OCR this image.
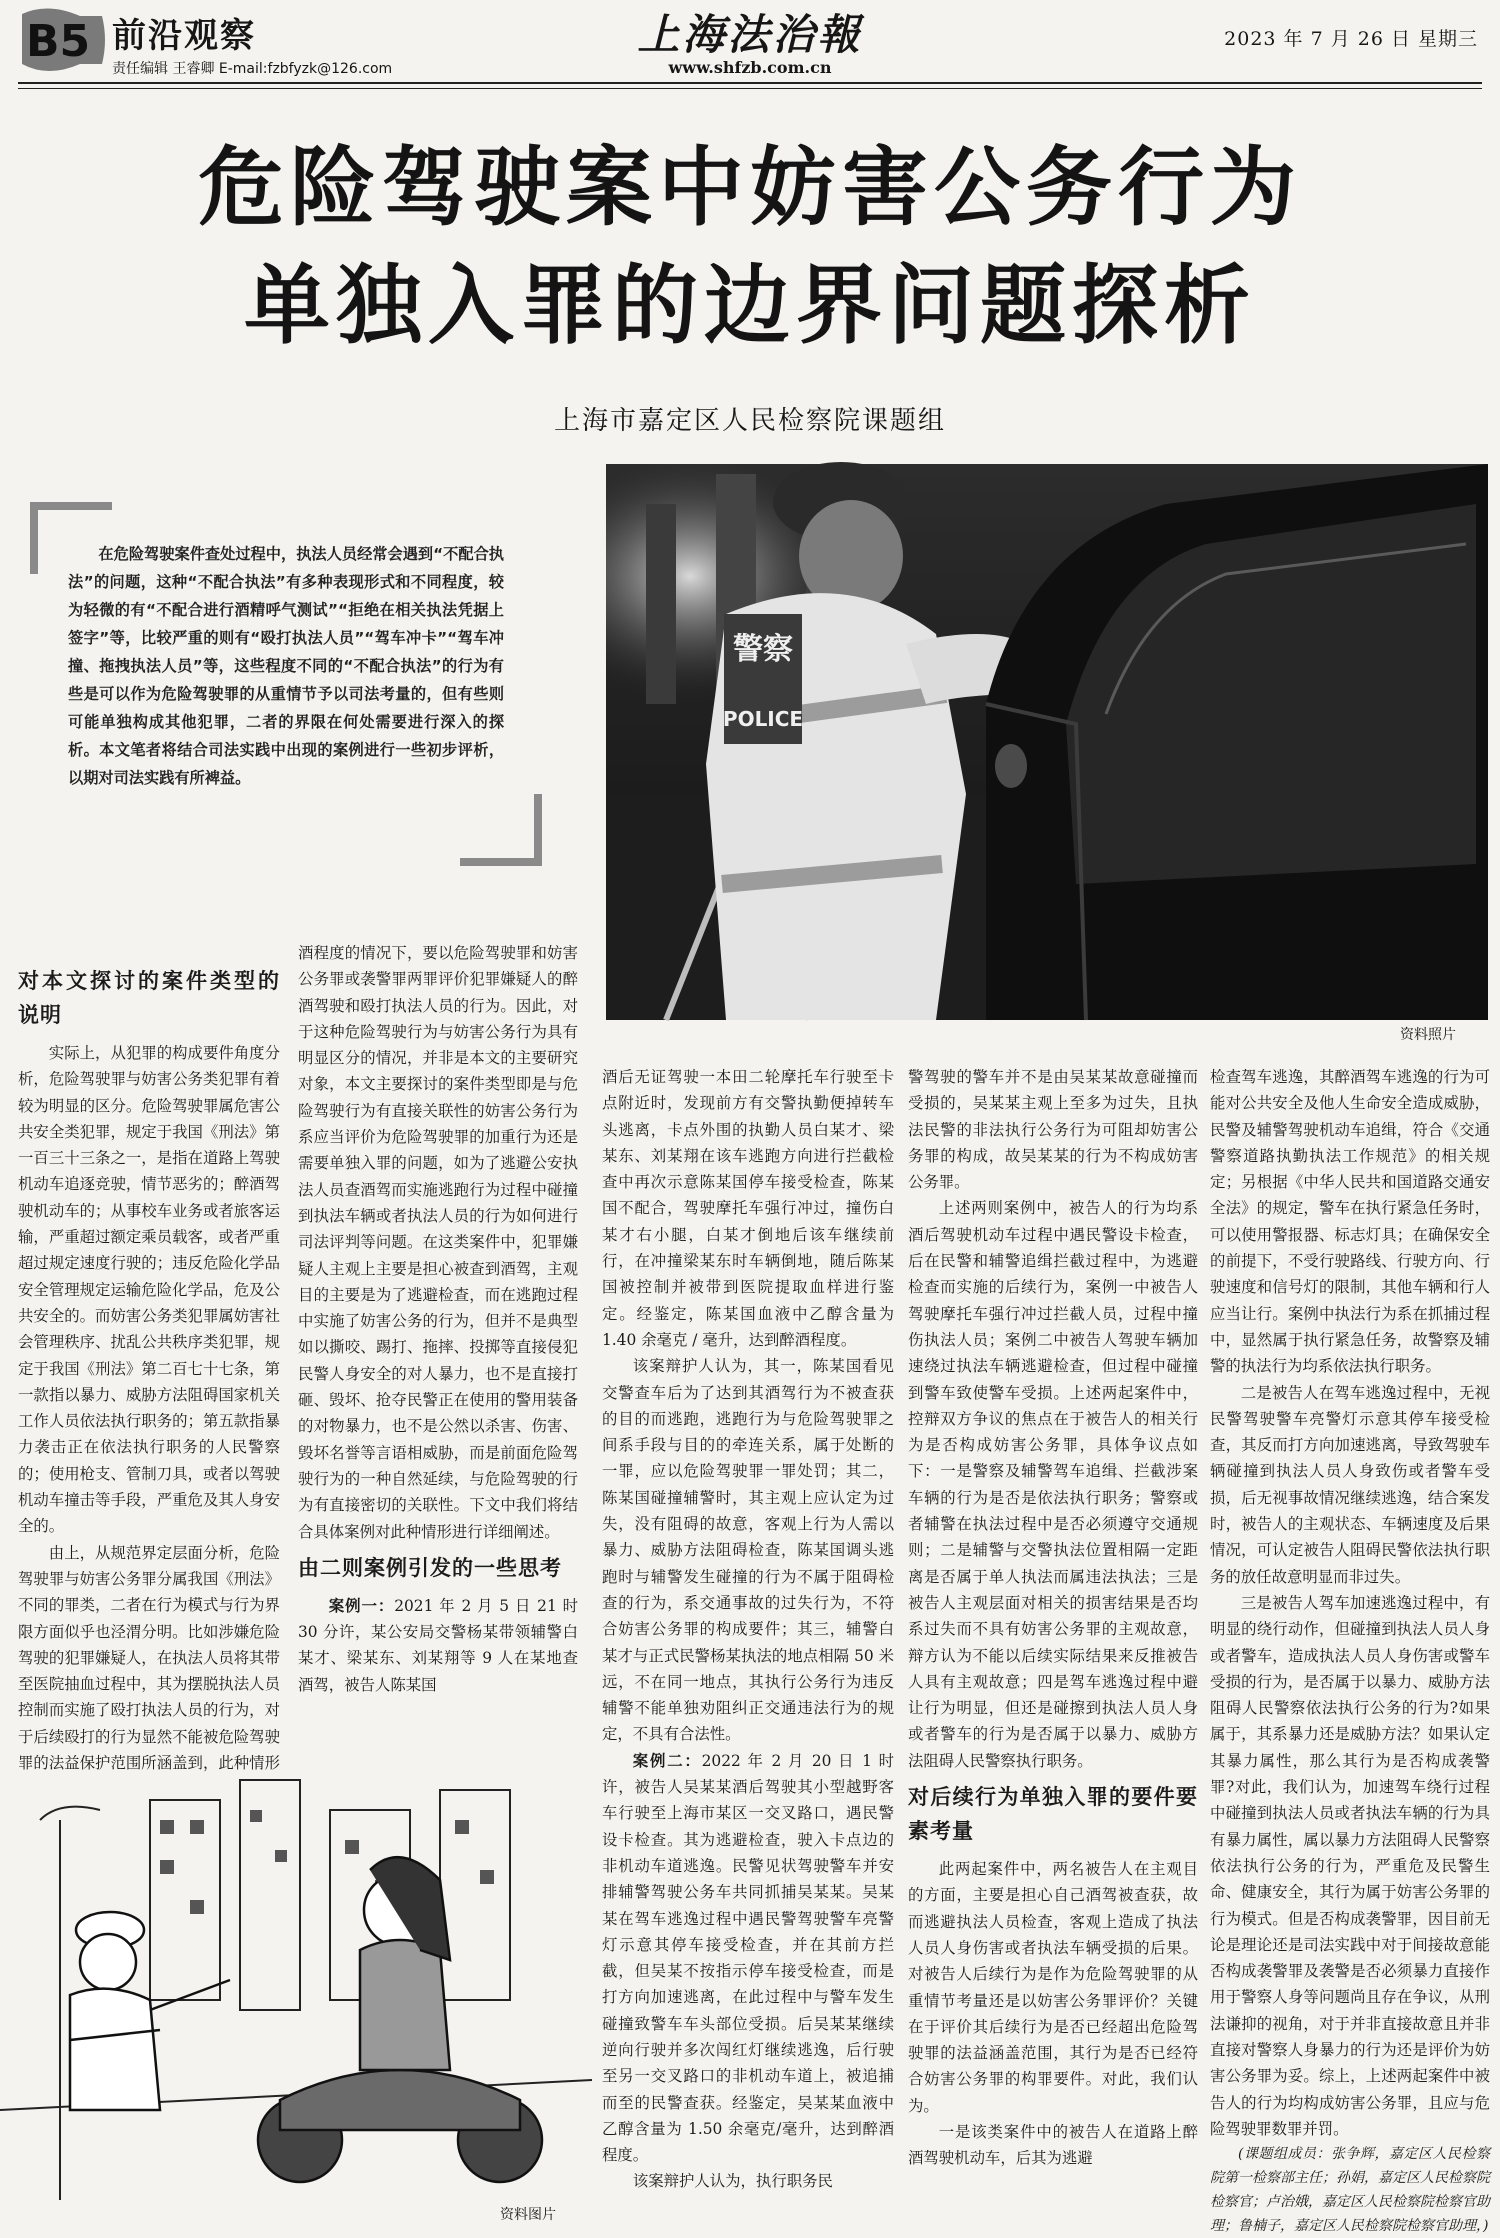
B5 前沿观察
责任编辑 王睿卿 E-mail:fzbfyzk@126.com
上海法治報
www.shfzb.com.cn
2023 年 7 月 26 日 星期三
危险驾驶案中妨害公务行为
单独入罪的边界问题探析
上海市嘉定区人民检察院课题组
在危险驾驶案件查处过程中，执法人员经常会遇到“不配合执法”的问题，这种“不配合执法”有多种表现形式和不同程度，较为轻微的有“不配合进行酒精呼气测试”“拒绝在相关执法凭据上签字”等，比较严重的则有“殴打执法人员”“驾车冲卡”“驾车冲撞、拖拽执法人员”等，这些程度不同的“不配合执法”的行为有些是可以作为危险驾驶罪的从重情节予以司法考量的，但有些则可能单独构成其他犯罪，二者的界限在何处需要进行深入的探析。本文笔者将结合司法实践中出现的案例进行一些初步评析，以期对司法实践有所裨益。
警察
POLICE
资料照片
对本文探讨的案件类型的说明

实际上，从犯罪的构成要件角度分析，危险驾驶罪与妨害公务类犯罪有着较为明显的区分。危险驾驶罪属危害公共安全类犯罪，规定于我国《刑法》第一百三十三条之一，是指在道路上驾驶机动车追逐竞驶，情节恶劣的；醉酒驾驶机动车的；从事校车业务或者旅客运输，严重超过额定乘员载客，或者严重超过规定速度行驶的；违反危险化学品安全管理规定运输危险化学品，危及公共安全的。而妨害公务类犯罪属妨害社会管理秩序、扰乱公共秩序类犯罪，规定于我国《刑法》第二百七十七条，第一款指以暴力、威胁方法阻碍国家机关工作人员依法执行职务的；第五款指暴力袭击正在依法执行职务的人民警察的；使用枪支、管制刀具，或者以驾驶机动车撞击等手段，严重危及其人身安全的。

由上，从规范界定层面分析，危险驾驶罪与妨害公务罪分属我国《刑法》不同的罪类，二者在行为模式与行为界限方面似乎也泾渭分明。比如涉嫌危险驾驶的犯罪嫌疑人，在执法人员将其带至医院抽血过程中，其为摆脱执法人员控制而实施了殴打执法人员的行为，对于后续殴打的行为显然不能被危险驾驶罪的法益保护范围所涵盖到，此种情形

酒程度的情况下，要以危险驾驶罪和妨害公务罪或袭警罪两罪评价犯罪嫌疑人的醉酒驾驶和殴打执法人员的行为。因此，对于这种危险驾驶行为与妨害公务行为具有明显区分的情况，并非是本文的主要研究对象，本文主要探讨的案件类型即是与危险驾驶行为有直接关联性的妨害公务行为系应当评价为危险驾驶罪的加重行为还是需要单独入罪的问题，如为了逃避公安执法人员查酒驾而实施逃跑行为过程中碰撞到执法车辆或者执法人员的行为如何进行司法评判等问题。在这类案件中，犯罪嫌疑人主观上主要是担心被查到酒驾，主观目的主要是为了逃避检查，而在逃跑过程中实施了妨害公务的行为，但并不是典型如以撕咬、踢打、拖摔、投掷等直接侵犯民警人身安全的对人暴力，也不是直接打砸、毁坏、抢夺民警正在使用的警用装备的对物暴力，也不是公然以杀害、伤害、毁坏名誉等言语相威胁，而是前面危险驾驶行为的一种自然延续，与危险驾驶的行为有直接密切的关联性。下文中我们将结合具体案例对此种情形进行详细阐述。

由二则案例引发的一些思考

案例一：2021 年 2 月 5 日 21 时 30 分许，某公安局交警杨某带领辅警白某才、梁某东、刘某翔等 9 人在某地查酒驾，被告人陈某国

资料图片

酒后无证驾驶一本田二轮摩托车行驶至卡点附近时，发现前方有交警执勤便掉转车头逃离，卡点外围的执勤人员白某才、梁某东、刘某翔在该车逃跑方向进行拦截检查中再次示意陈某国停车接受检查，陈某国不配合，驾驶摩托车强行冲过，撞伤白某才右小腿，白某才倒地后该车继续前行，在冲撞梁某东时车辆倒地，随后陈某国被控制并被带到医院提取血样进行鉴定。经鉴定，陈某国血液中乙醇含量为 1.40 余毫克 / 毫升，达到醉酒程度。

该案辩护人认为，其一，陈某国看见交警查车后为了达到其酒驾行为不被查获的目的而逃跑，逃跑行为与危险驾驶罪之间系手段与目的的牵连关系，属于处断的一罪，应以危险驾驶罪一罪处罚；其二，陈某国碰撞辅警时，其主观上应认定为过失，没有阻碍的故意，客观上行为人需以暴力、威胁方法阻碍检查，陈某国调头逃跑时与辅警发生碰撞的行为不属于阻碍检查的行为，系交通事故的过失行为，不符合妨害公务罪的构成要件；其三，辅警白某才与正式民警杨某执法的地点相隔 50 米远，不在同一地点，其执行公务行为违反辅警不能单独劝阻纠正交通违法行为的规定，不具有合法性。

案例二：2022 年 2 月 20 日 1 时许，被告人吴某某酒后驾驶其小型越野客车行驶至上海市某区一交叉路口，遇民警设卡检查。其为逃避检查，驶入卡点边的非机动车道逃逸。民警见状驾驶警车并安排辅警驾驶公务车共同抓捕吴某某。吴某某在驾车逃逸过程中遇民警驾驶警车亮警灯示意其停车接受检查，并在其前方拦截，但吴某不按指示停车接受检查，而是打方向加速逃离，在此过程中与警车发生碰撞致警车车头部位受损。后吴某某继续逆向行驶并多次闯红灯继续逃逸，后行驶至另一交叉路口的非机动车道上，被追捕而至的民警查获。经鉴定，吴某某血液中乙醇含量为 1.50 余毫克/毫升，达到醉酒程度。

该案辩护人认为，执行职务民

警驾驶的警车并不是由吴某某故意碰撞而受损的，吴某某主观上至多为过失，且执法民警的非法执行公务行为可阻却妨害公务罪的构成，故吴某某的行为不构成妨害公务罪。

上述两则案例中，被告人的行为均系酒后驾驶机动车过程中遇民警设卡检查，后在民警和辅警追缉拦截过程中，为逃避检查而实施的后续行为，案例一中被告人驾驶摩托车强行冲过拦截人员，过程中撞伤执法人员；案例二中被告人驾驶车辆加速绕过执法车辆逃避检查，但过程中碰撞到警车致使警车受损。上述两起案件中，控辩双方争议的焦点在于被告人的相关行为是否构成妨害公务罪，具体争议点如下：一是警察及辅警驾车追缉、拦截涉案车辆的行为是否是依法执行职务；警察或者辅警在执法过程中是否必须遵守交通规则；二是辅警与交警执法位置相隔一定距离是否属于单人执法而属违法执法；三是被告人主观层面对相关的损害结果是否均系过失而不具有妨害公务罪的主观故意，辩方认为不能以后续实际结果来反推被告人具有主观故意；四是驾车逃逸过程中避让行为明显，但还是碰擦到执法人员人身或者警车的行为是否属于以暴力、威胁方法阻碍人民警察执行职务。

对后续行为单独入罪的要件要素考量

此两起案件中，两名被告人在主观目的方面，主要是担心自己酒驾被查获，故而逃避执法人员检查，客观上造成了执法人员人身伤害或者执法车辆受损的后果。对被告人后续行为是作为危险驾驶罪的从重情节考量还是以妨害公务罪评价？关键在于评价其后续行为是否已经超出危险驾驶罪的法益涵盖范围，其行为是否已经符合妨害公务罪的构罪要件。对此，我们认为。

一是该类案件中的被告人在道路上醉酒驾驶机动车，后其为逃避

检查驾车逃逸，其醉酒驾车逃逸的行为可能对公共安全及他人生命安全造成威胁，民警及辅警驾驶机动车追缉，符合《交通警察道路执勤执法工作规范》的相关规定；另根据《中华人民共和国道路交通安全法》的规定，警车在执行紧急任务时，可以使用警报器、标志灯具；在确保安全的前提下，不受行驶路线、行驶方向、行驶速度和信号灯的限制，其他车辆和行人应当让行。案例中执法行为系在抓捕过程中，显然属于执行紧急任务，故警察及辅警的执法行为均系依法执行职务。

二是被告人在驾车逃逸过程中，无视民警驾驶警车亮警灯示意其停车接受检查，其反而打方向加速逃离，导致驾驶车辆碰撞到执法人员人身致伤或者警车受损，后无视事故情况继续逃逸，结合案发时，被告人的主观状态、车辆速度及后果情况，可认定被告人阻碍民警依法执行职务的放任故意明显而非过失。

三是被告人驾车加速逃逸过程中，有明显的绕行动作，但碰撞到执法人员人身或者警车，造成执法人员人身伤害或警车受损的行为，是否属于以暴力、威胁方法阻碍人民警察依法执行公务的行为?如果属于，其系暴力还是威胁方法？如果认定其暴力属性，那么其行为是否构成袭警罪?对此，我们认为，加速驾车绕行过程中碰撞到执法人员或者执法车辆的行为具有暴力属性，属以暴力方法阻碍人民警察依法执行公务的行为，严重危及民警生命、健康安全，其行为属于妨害公务罪的行为模式。但是否构成袭警罪，因目前无论是理论还是司法实践中对于间接故意能否构成袭警罪及袭警是否必须暴力直接作用于警察人身等问题尚且存在争议，从刑法谦抑的视角，对于并非直接故意且并非直接对警察人身暴力的行为还是评价为妨害公务罪为妥。综上，上述两起案件中被告人的行为均构成妨害公务罪，且应与危险驾驶罪数罪并罚。

(课题组成员：张争辉，嘉定区人民检察院第一检察部主任；孙娟，嘉定区人民检察院检察官；卢治娥，嘉定区人民检察院检察官助理；鲁楠子，嘉定区人民检察院检察官助理，)
